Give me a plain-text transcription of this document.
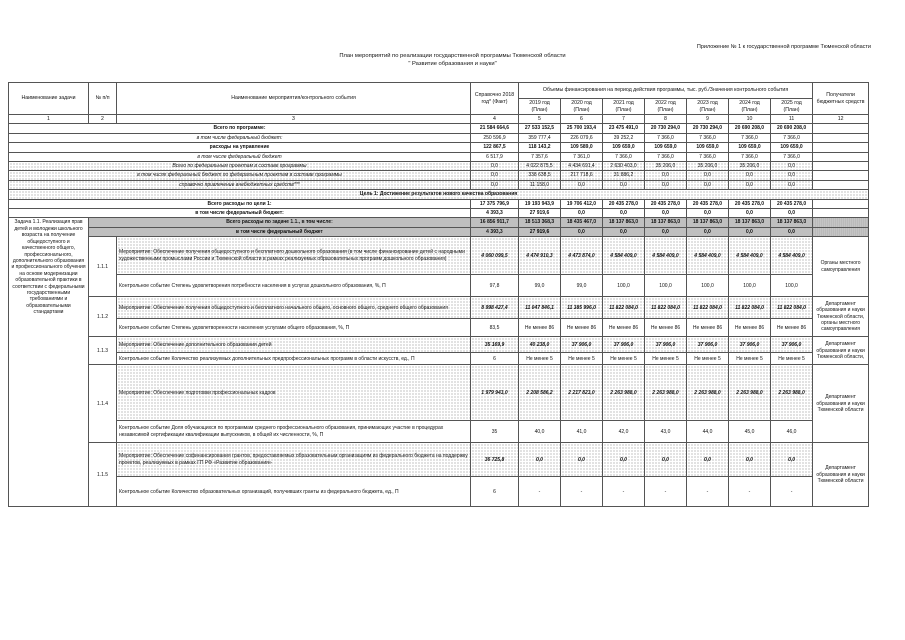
Приложение № 1 к государственной программе Тюменской области
План мероприятий по реализации государственной программы Тюменской области
" Развитие образования и науки"
Наименование задачи	№ п/п	Наименование мероприятия/контрольного события	Справочно 2018 год* (Факт)	Объемы финансирования на период действия программы, тыс. руб./Значения контрольного события							Получатели бюджетных средств
				2019 год (План)	2020 год (План)	2021 год (План)	2022 год (План)	2023 год (План)	2024 год (План)	2025 год (План)	
1	2	3	4	5	6	7	8	9	10	11	12
Всего по программе:			21 584 664,6	27 533 152,5	25 700 193,4	23 475 491,0	20 730 294,0	20 730 294,0	20 690 208,0	20 690 208,0	
в том числе федеральный бюджет:			250 596,9	359 777,4	226 079,6	39 252,2	7 366,0	7 366,0	7 366,0	7 366,0	
расходы на управление			122 867,5	118 143,2	109 589,0	109 659,0	109 659,0	109 659,0	109 659,0	109 659,0	
в том числе федеральный бюджет			6 517,9	7 357,6	7 361,0	7 366,0	7 366,0	7 366,0	7 366,0	7 366,0	
Всего по федеральным проектам в составе программы			0,0	4 022 875,5	4 434 691,4	2 630 403,0	35 206,0	35 206,0	35 206,0	0,0	
в том числе федеральный бюджет по федеральным проектам в составе программы			0,0	338 638,5	217 718,6	31 886,2	0,0	0,0	0,0	0,0	
справочно привлечение внебюджетных средств***			0,0	11 158,0	0,0	0,0	0,0	0,0	0,0	0,0	
Цель 1: Достижение результатов нового качества образования											
Всего расходы по цели 1:			17 375 796,9	19 193 943,9	19 706 412,0	20 435 278,0	20 435 278,0	20 435 278,0	20 435 278,0	20 435 278,0	
в том числе федеральный бюджет:			4 393,3	27 919,6	0,0	0,0	0,0	0,0	0,0	0,0	
Задача 1.1. Реализация прав детей и молодежи школьного возраста на получение общедоступного и качественного общего, профессионального, дополнительного образования и профессионального обучения на основе модернизации образовательной практики в соответствии с федеральными государственными требованиями и образовательными стандартами	Всего расходы по задаче 1.1., в том числе:		16 856 911,7	18 513 368,3	18 435 467,0	18 137 863,0	18 137 863,0	18 137 863,0	18 137 863,0	18 137 863,0	
	в том числе федеральный бюджет		4 393,3	27 919,6	0,0	0,0	0,0	0,0	0,0	0,0	
	1.1.1	Мероприятие: Обеспечение получения общедоступного и бесплатного дошкольного образования (в том числе финансирование детей с народными художественными промыслами России и Тюменской области в рамках реализуемых образовательных программ дошкольного образования)	4 060 099,5	4 474 910,3	4 473 874,0	4 584 409,0	4 584 409,0	4 584 409,0	4 584 409,0	4 584 409,0	Органы местного самоуправления
		Контрольное событие Степень удовлетворения потребности населения в услугах дошкольного образования, %, П	97,8	99,0	99,0	100,0	100,0	100,0	100,0	100,0	
	1.1.2	Мероприятие: Обеспечение получения общедоступного и бесплатного начального общего, основного общего, среднего общего образования	8 998 427,4	11 047 846,1	11 385 996,0	11 822 084,0	11 822 084,0	11 822 084,0	11 822 084,0	11 822 084,0	Департамент образования и науки Тюменской области, органы местного самоуправления
		Контрольное событие Степень удовлетворенности населения услугами общего образования, %, П	83,5	Не менее 86	Не менее 86	Не менее 86	Не менее 86	Не менее 86	Не менее 86	Не менее 86	
	1.1.3	Мероприятие: Обеспечение дополнительного образования детей	35 169,9	40 238,0	37 906,0	37 906,0	37 906,0	37 906,0	37 906,0	37 906,0	Департамент образования и науки Тюменской области,
		Контрольное событие Количество реализуемых дополнительных предпрофессиональных программ в области искусств, ед., П	6	Не менее 5	Не менее 5	Не менее 5	Не менее 5	Не менее 5	Не менее 5	Не менее 5	
	1.1.4	Мероприятие: Обеспечение подготовки профессиональных кадров	1 979 943,0	2 208 586,2	2 217 823,0	2 263 988,0	2 263 988,0	2 263 988,0	2 263 988,0	2 263 988,0	Департамент образования и науки Тюменской области
		Контрольное событие Доля обучающихся по программам среднего профессионального образования, принимающих участие в процедурах независимой сертификации квалификации выпускников, в общей их численности, %, П	35	40,0	41,0	42,0	43,0	44,0	45,0	46,0	
	1.1.5	Мероприятие: Обеспечение софинансирования грантов, предоставляемых образовательным организациям из федерального бюджета на поддержку проектов, реализуемых в рамках ГП РФ «Развитие образования»	36 725,8	0,0	0,0	0,0	0,0	0,0	0,0	0,0	Департамент образования и науки Тюменской области
		Контрольное событие Количество образовательных организаций, получивших гранты из федерального бюджета, ед., П	6	-	-	-	-	-	-	-	
